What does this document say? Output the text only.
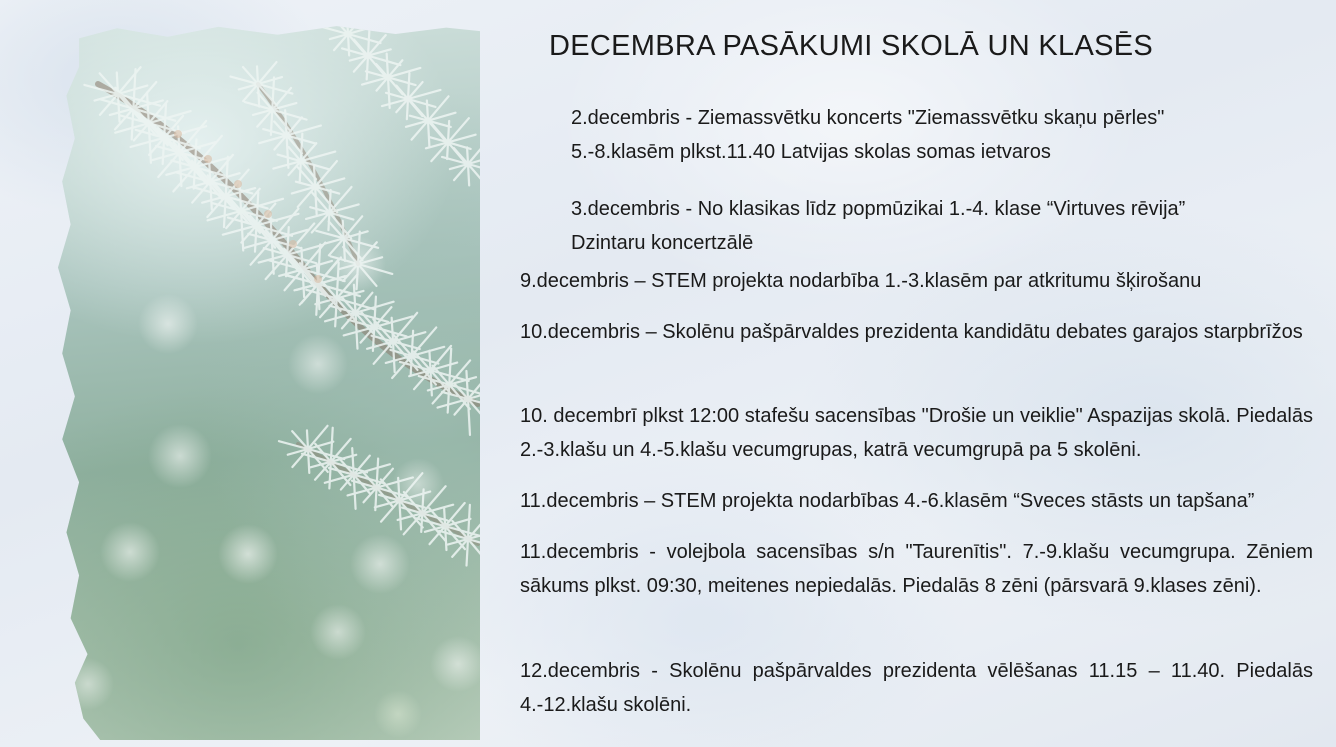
DECEMBRA PASĀKUMI SKOLĀ UN KLASĒS
2.decembris - Ziemassvētku koncerts "Ziemassvētku skaņu pērles"
5.-8.klasēm plkst.11.40 Latvijas skolas somas ietvaros
3.decembris - No klasikas līdz popmūzikai 1.-4. klase “Virtuves rēvija”
Dzintaru koncertzālē
9.decembris – STEM projekta nodarbība 1.-3.klasēm par atkritumu šķirošanu
10.decembris – Skolēnu pašpārvaldes prezidenta kandidātu debates garajos starpbrīžos
10. decembrī plkst 12:00 stafešu sacensības "Drošie un veiklie" Aspazijas skolā. Piedalās 2.-3.klašu un 4.-5.klašu vecumgrupas, katrā vecumgrupā pa 5 skolēni.
11.decembris – STEM projekta nodarbības 4.-6.klasēm “Sveces stāsts un tapšana”
11.decembris - volejbola sacensības s/n "Taurenītis". 7.-9.klašu vecumgrupa. Zēniem sākums plkst. 09:30, meitenes nepiedalās. Piedalās 8 zēni (pārsvarā 9.klases zēni).
12.decembris - Skolēnu pašpārvaldes prezidenta vēlēšanas 11.15 – 11.40. Piedalās 4.-12.klašu skolēni.
